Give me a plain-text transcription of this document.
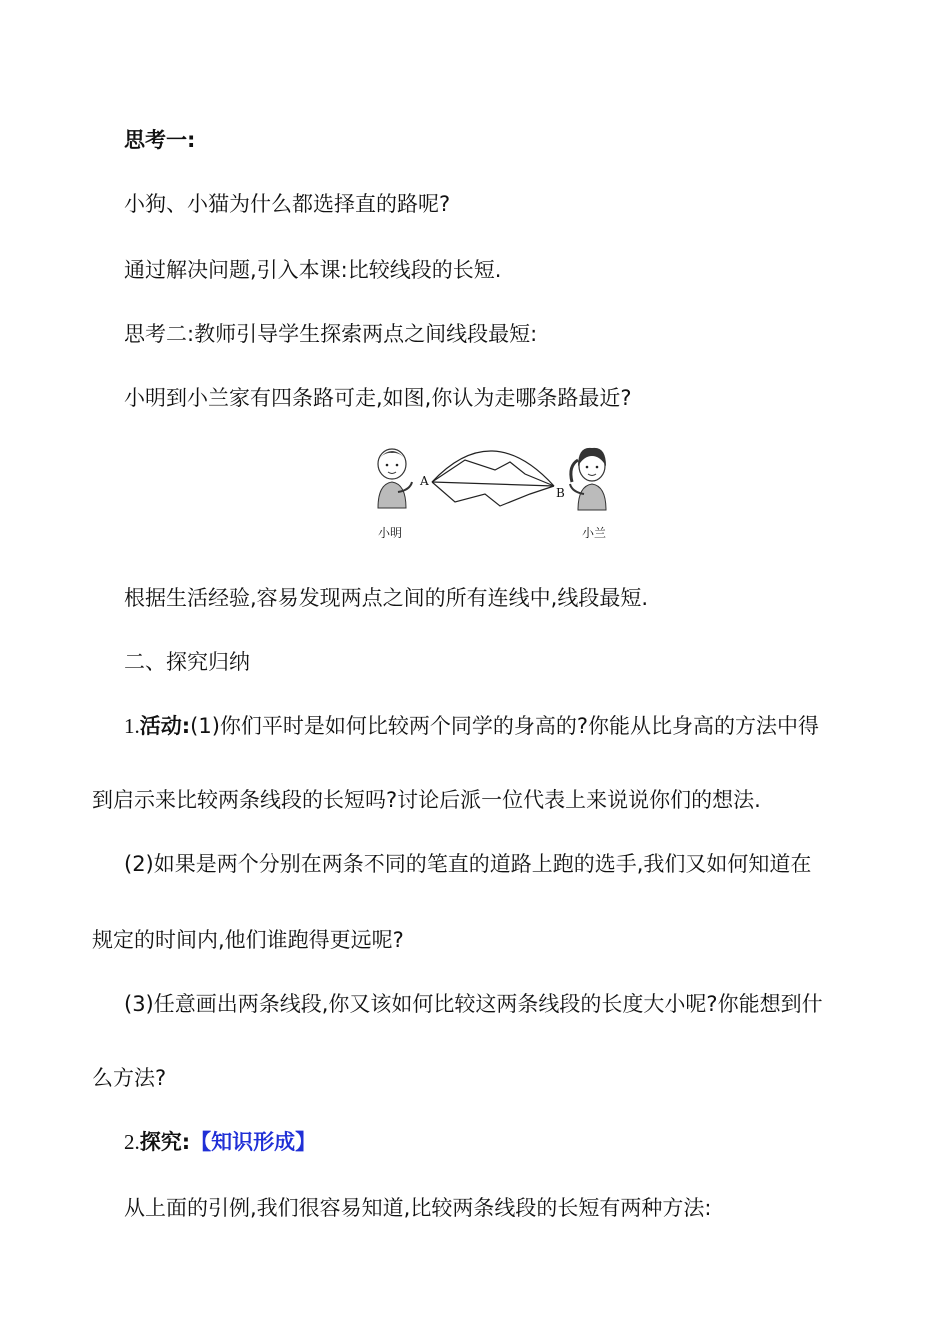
思考一:
小狗、小猫为什么都选择直的路呢?
通过解决问题,引入本课:比较线段的长短.
思考二:教师引导学生探索两点之间线段最短:
小明到小兰家有四条路可走,如图,你认为走哪条路最近?
A
B
小明	小兰
根据生活经验,容易发现两点之间的所有连线中,线段最短.
二、探究归纳
1.活动:(1)你们平时是如何比较两个同学的身高的?你能从比身高的方法中得
到启示来比较两条线段的长短吗?讨论后派一位代表上来说说你们的想法.
(2)如果是两个分别在两条不同的笔直的道路上跑的选手,我们又如何知道在
规定的时间内,他们谁跑得更远呢?
(3)任意画出两条线段,你又该如何比较这两条线段的长度大小呢?你能想到什
么方法?
2.探究:【知识形成】
从上面的引例,我们很容易知道,比较两条线段的长短有两种方法:
